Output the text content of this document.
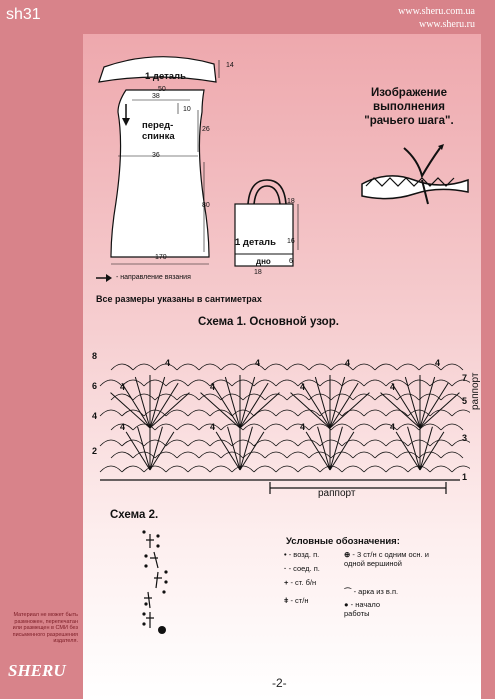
sh31	www.sheru.com.ua
www.sheru.ru
1 деталь
14
50
38
10
перед-спинка
26
36
80
170
- направление вязания
Изображение
выполнения
"рачьего шага".
1 деталь
дно
18
6
18
16
Все размеры указаны в сантиметрах
Схема 1. Основной узор.
4	4	4	4
4	4	4	4
4	4	4	4
раппорт
раппорт
8
6
4
2
7
5
3
1
Схема 2.
Условные обозначения:
• - возд. п.
· - соед. п.
+ - ст. б/н
ǂ - ст/н
⊕ - 3 ст/н с одним осн. и одной вершиной
⌒ - арка из в.п.
● - начало работы
Материал не может быть размножен, перепечатан или размещен в СМИ без письменного разрешения издателя.
SHERU
-2-
